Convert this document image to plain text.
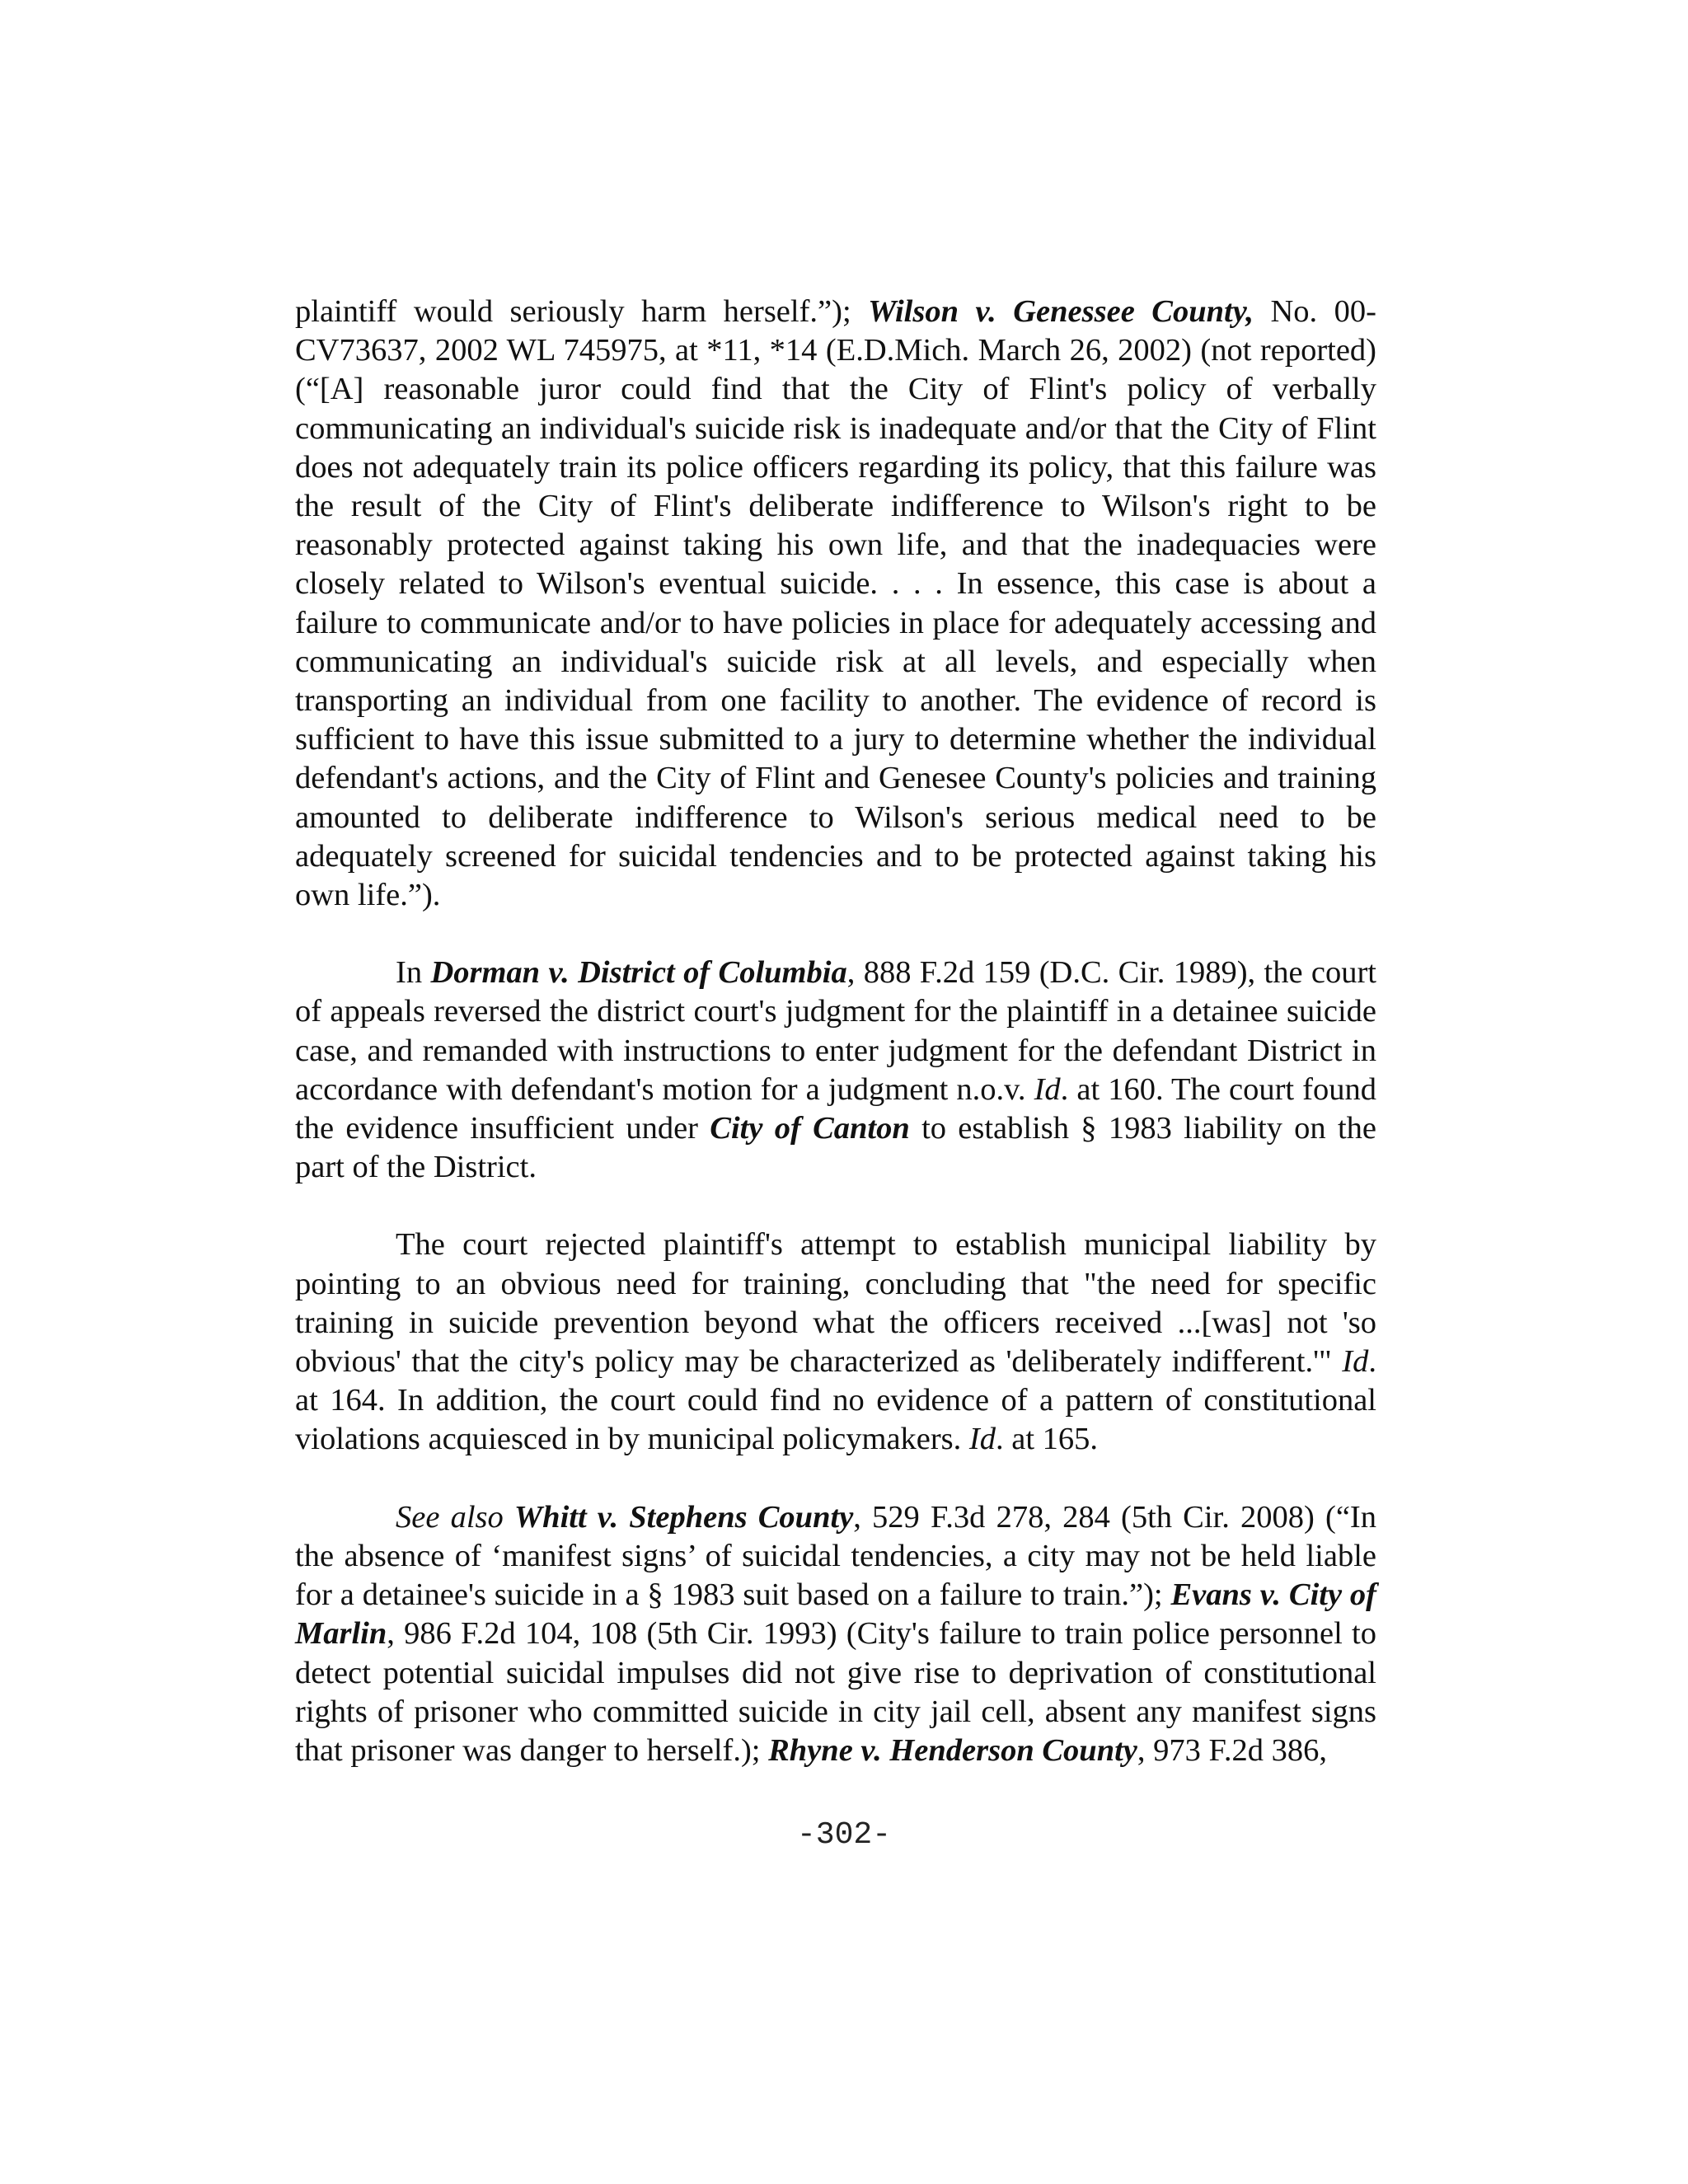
plaintiff would seriously harm herself.”); Wilson v. Genessee County, No. 00-CV73637, 2002 WL 745975, at *11, *14 (E.D.Mich. March 26, 2002) (not reported) (“[A] reasonable juror could find that the City of Flint's policy of verbally communicating an individual's suicide risk is inadequate and/or that the City of Flint does not adequately train its police officers regarding its policy, that this failure was the result of the City of Flint's deliberate indifference to Wilson's right to be reasonably protected against taking his own life, and that the inadequacies were closely related to Wilson's eventual suicide. . . . In essence, this case is about a failure to communicate and/or to have policies in place for adequately accessing and communicating an individual's suicide risk at all levels, and especially when transporting an individual from one facility to another. The evidence of record is sufficient to have this issue submitted to a jury to determine whether the individual defendant's actions, and the City of Flint and Genesee County's policies and training amounted to deliberate indifference to Wilson's serious medical need to be adequately screened for suicidal tendencies and to be protected against taking his own life.”).

In Dorman v. District of Columbia, 888 F.2d 159 (D.C. Cir. 1989), the court of appeals reversed the district court's judgment for the plaintiff in a detainee suicide case, and remanded with instructions to enter judgment for the defendant District in accordance with defendant's motion for a judgment n.o.v. Id. at 160. The court found the evidence insufficient under City of Canton to establish § 1983 liability on the part of the District.

The court rejected plaintiff's attempt to establish municipal liability by pointing to an obvious need for training, concluding that "the need for specific training in suicide prevention beyond what the officers received ...[was] not 'so obvious' that the city's policy may be characterized as 'deliberately indifferent.'" Id. at 164. In addition, the court could find no evidence of a pattern of constitutional violations acquiesced in by municipal policymakers. Id. at 165.

See also Whitt v. Stephens County, 529 F.3d 278, 284 (5th Cir. 2008) (“In the absence of ‘manifest signs’ of suicidal tendencies, a city may not be held liable for a detainee's suicide in a § 1983 suit based on a failure to train.”); Evans v. City of Marlin, 986 F.2d 104, 108 (5th Cir. 1993) (City's failure to train police personnel to detect potential suicidal impulses did not give rise to deprivation of constitutional rights of prisoner who committed suicide in city jail cell, absent any manifest signs that prisoner was danger to herself.); Rhyne v. Henderson County, 973 F.2d 386,

-302-
